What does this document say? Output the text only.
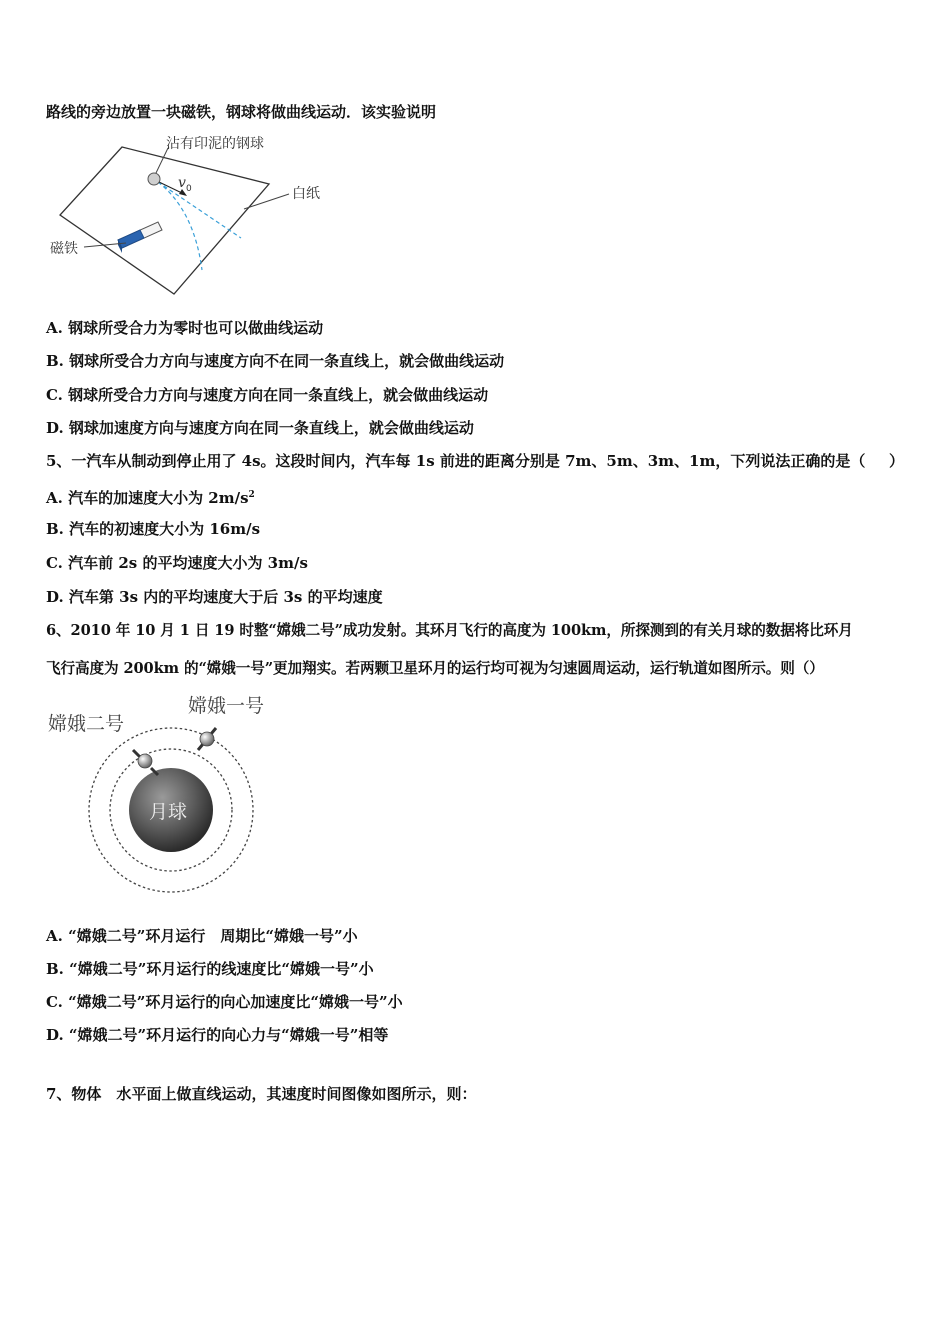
路线的旁边放置一块磁铁，钢球将做曲线运动．该实验说明
沾有印泥的钢球
v 0	白纸
磁铁
A. 钢球所受合力为零时也可以做曲线运动
B. 钢球所受合力方向与速度方向不在同一条直线上，就会做曲线运动
C. 钢球所受合力方向与速度方向在同一条直线上，就会做曲线运动
D. 钢球加速度方向与速度方向在同一条直线上，就会做曲线运动
5、一汽车从制动到停止用了 4s。这段时间内，汽车每 1s 前进的距离分别是 7m、5m、3m、1m，下列说法正确的是（ ）
A. 汽车的加速度大小为 $2m/s^2$
B. 汽车的初速度大小为 16m/s
C. 汽车前 2s 的平均速度大小为 3m/s
D. 汽车第 3s 内的平均速度大于后 3s 的平均速度
6、2010 年 10 月 1 日 19 时整“嫦娥二号”成功发射。其环月飞行的高度为 100km，所探测到的有关月球的数据将比环月
飞行高度为 200km 的“嫦娥一号”更加翔实。若两颗卫星环月的运行均可视为匀速圆周运动，运行轨道如图所示。则（）
嫦娥二号
嫦娥一号
月球
A. “嫦娥二号”环月运行　周期比“嫦娥一号”小
B. “嫦娥二号”环月运行的线速度比“嫦娥一号”小
C. “嫦娥二号”环月运行的向心加速度比“嫦娥一号”小
D. “嫦娥二号”环月运行的向心力与“嫦娥一号”相等
7、物体　水平面上做直线运动，其速度时间图像如图所示，则：
